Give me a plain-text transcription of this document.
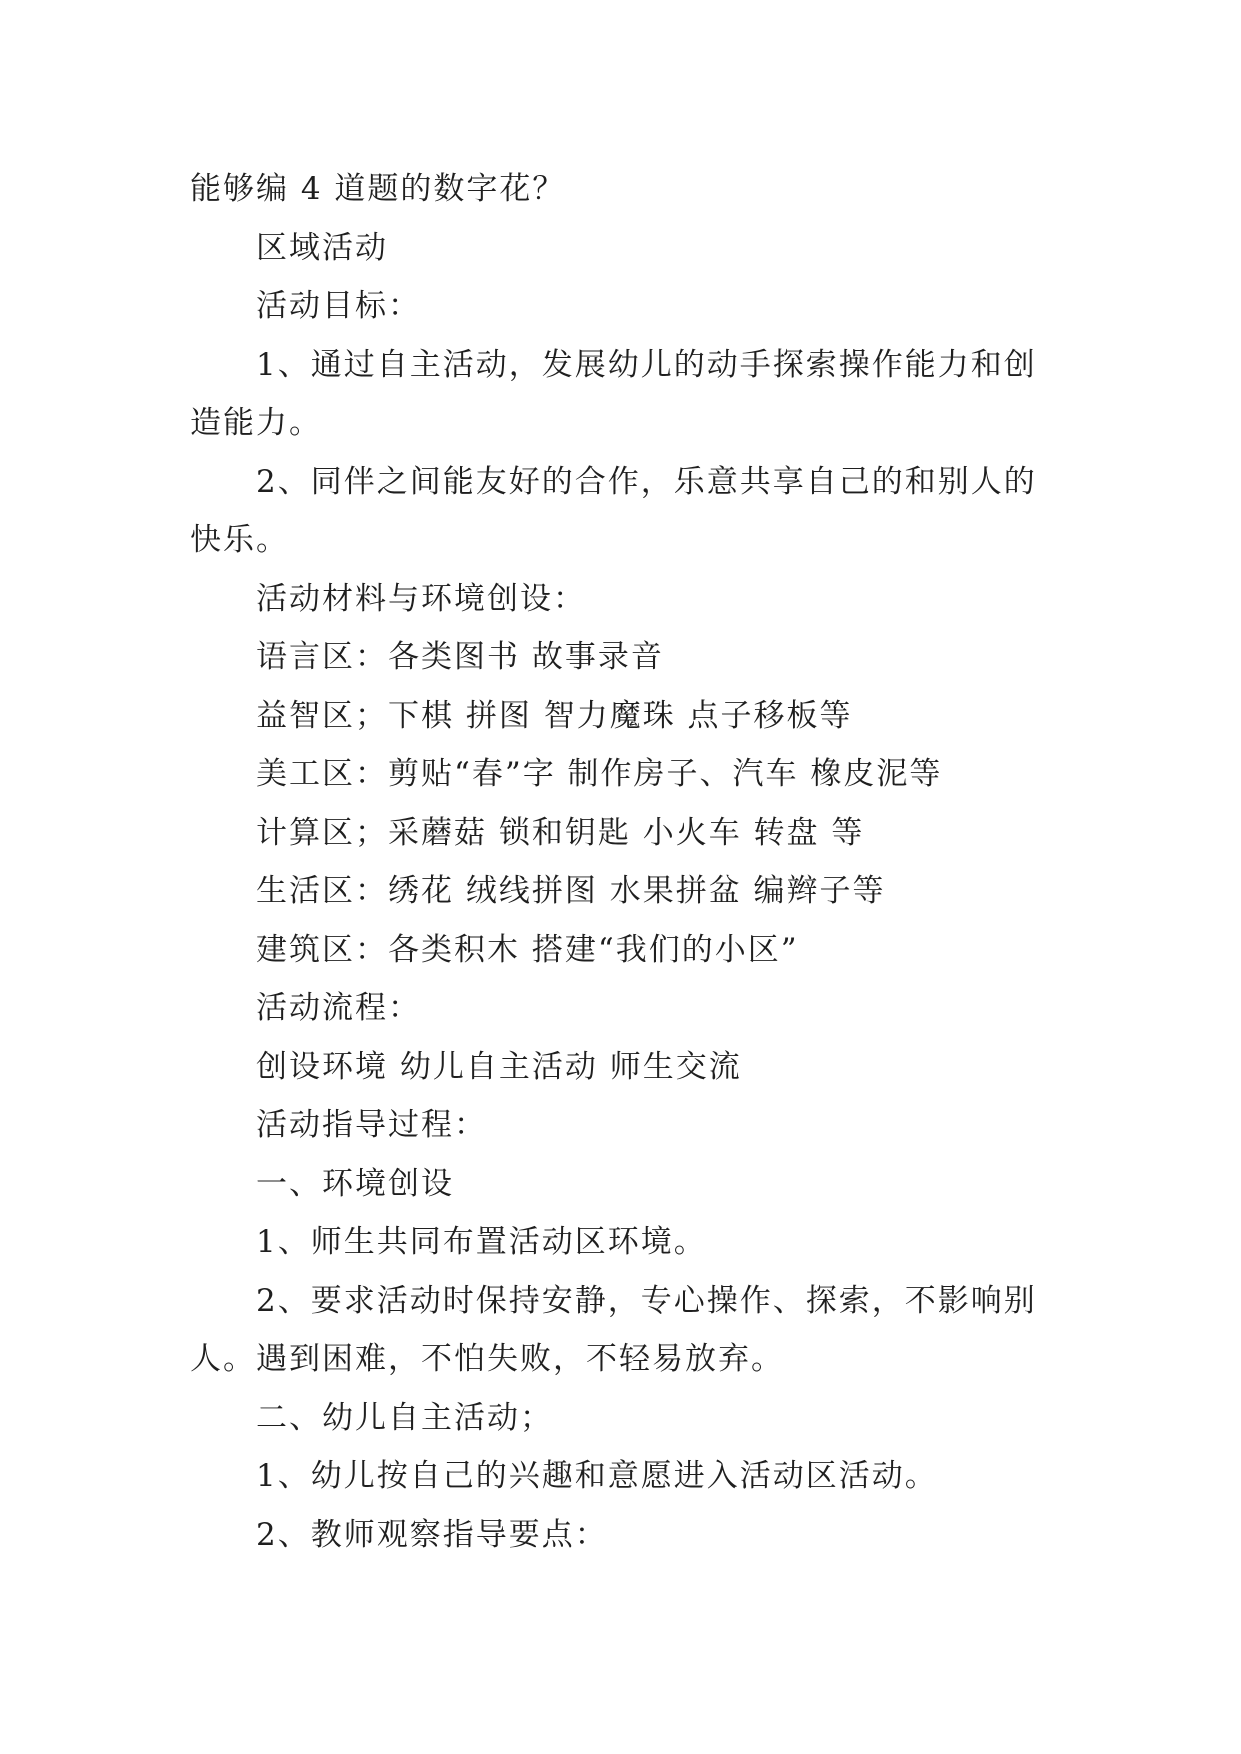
能够编 4 道题的数字花？
区域活动
活动目标：
1、通过自主活动，发展幼儿的动手探索操作能力和创
造能力。
2、同伴之间能友好的合作，乐意共享自己的和别人的
快乐。
活动材料与环境创设：
语言区：各类图书 故事录音
益智区；下棋 拼图 智力魔珠 点子移板等
美工区：剪贴“春”字 制作房子、汽车 橡皮泥等
计算区；采蘑菇 锁和钥匙 小火车 转盘 等
生活区：绣花 绒线拼图 水果拼盆 编辫子等
建筑区：各类积木 搭建“我们的小区”
活动流程：
创设环境 幼儿自主活动 师生交流
活动指导过程：
一、环境创设
1、师生共同布置活动区环境。
2、要求活动时保持安静，专心操作、探索，不影响别
人。遇到困难，不怕失败，不轻易放弃。
二、幼儿自主活动；
1、幼儿按自己的兴趣和意愿进入活动区活动。
2、教师观察指导要点：
